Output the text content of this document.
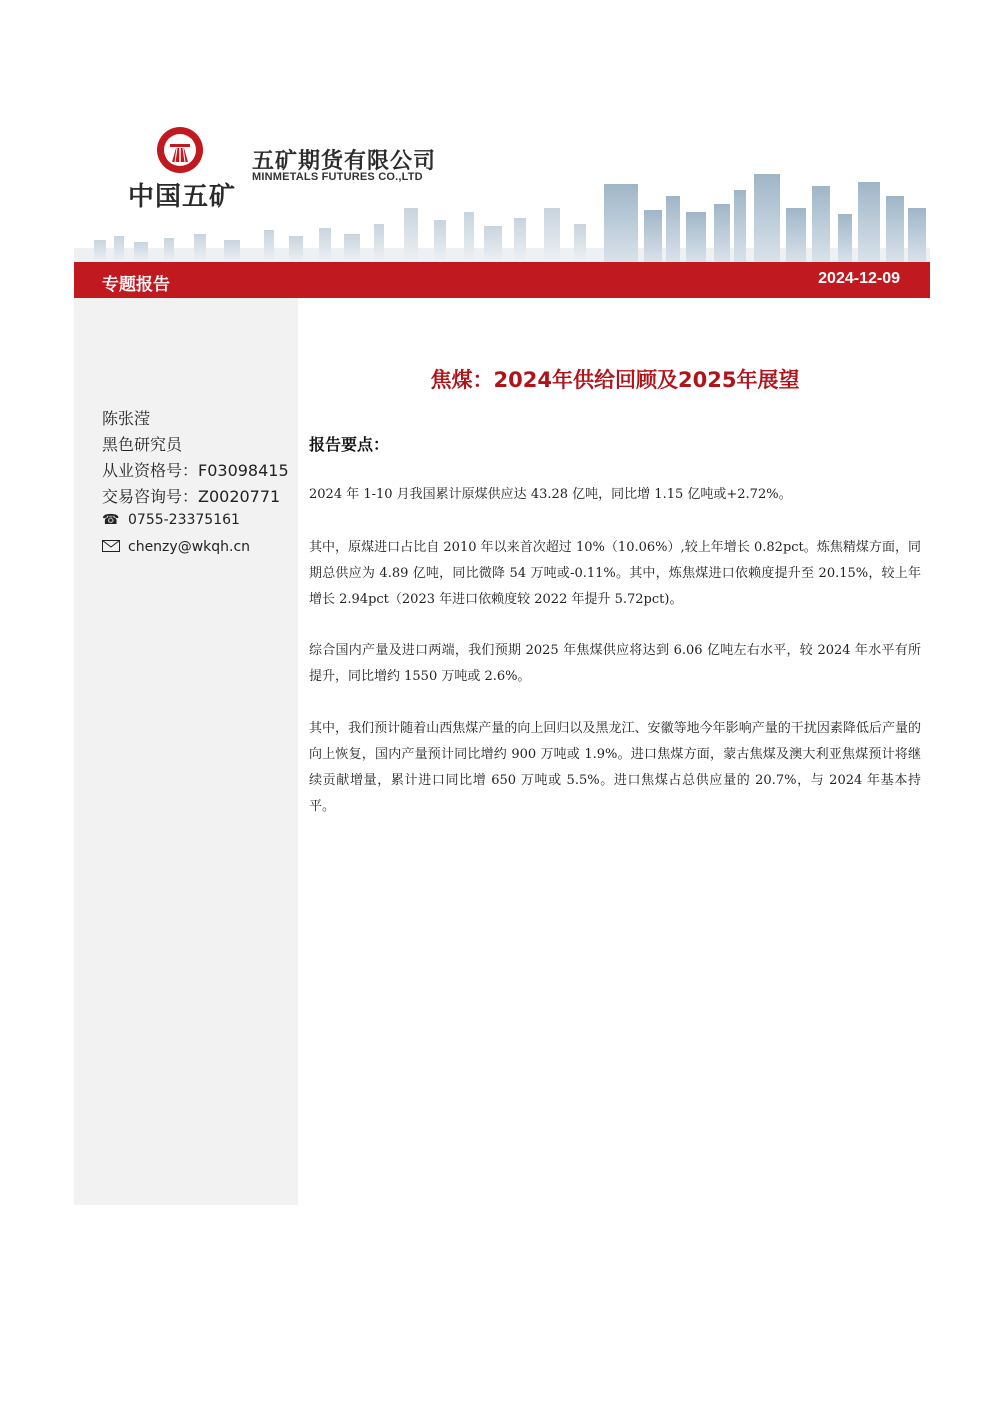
中国五矿
五矿期货有限公司
MINMETALS FUTURES CO.,LTD
专题报告	2024-12-09
陈张滢
黑色研究员
从业资格号：F03098415
交易咨询号：Z0020771
☎ 0755-23375161
chenzy@wkqh.cn
焦煤：2024年供给回顾及2025年展望
报告要点：
2024 年 1-10 月我国累计原煤供应达 43.28 亿吨，同比增 1.15 亿吨或+2.72%。
其中，原煤进口占比自 2010 年以来首次超过 10%（10.06%）,较上年增长 0.82pct。炼焦精煤方面，同期总供应为 4.89 亿吨，同比微降 54 万吨或-0.11%。其中，炼焦煤进口依赖度提升至 20.15%，较上年增长 2.94pct（2023 年进口依赖度较 2022 年提升 5.72pct)。
综合国内产量及进口两端，我们预期 2025 年焦煤供应将达到 6.06 亿吨左右水平，较 2024 年水平有所提升，同比增约 1550 万吨或 2.6%。
其中，我们预计随着山西焦煤产量的向上回归以及黑龙江、安徽等地今年影响产量的干扰因素降低后产量的向上恢复，国内产量预计同比增约 900 万吨或 1.9%。进口焦煤方面，蒙古焦煤及澳大利亚焦煤预计将继续贡献增量，累计进口同比增 650 万吨或 5.5%。进口焦煤占总供应量的 20.7%，与 2024 年基本持平。
